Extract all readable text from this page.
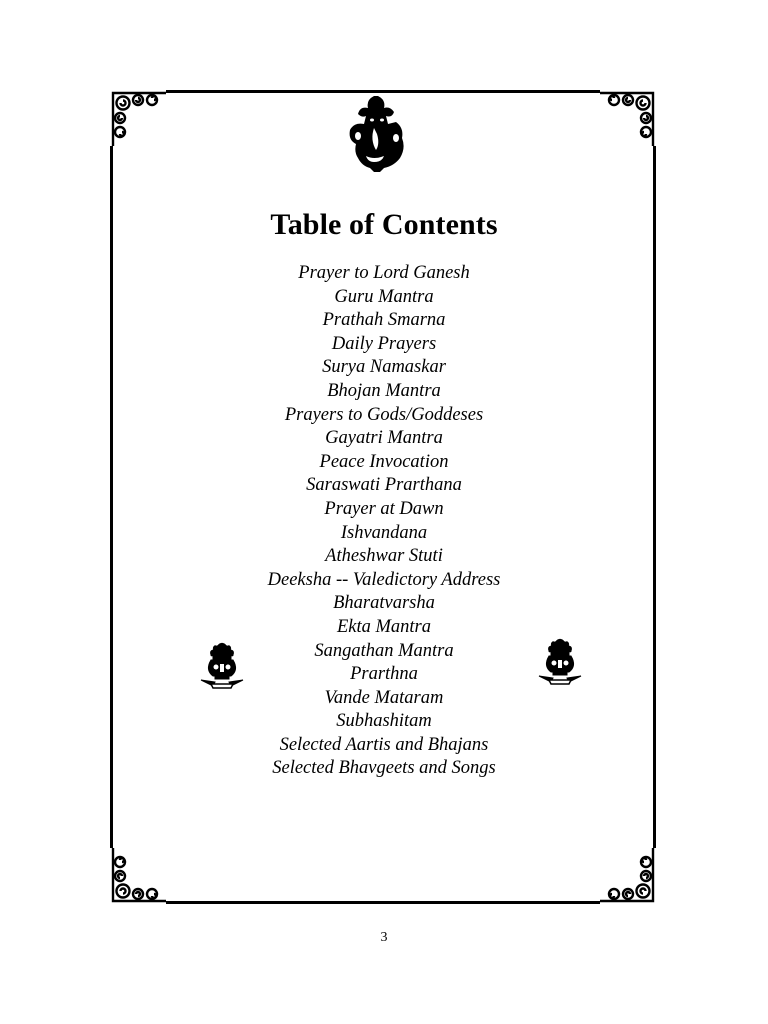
Table of Contents
Prayer to Lord Ganesh
Guru Mantra
Prathah Smarna
Daily Prayers
Surya Namaskar
Bhojan Mantra
Prayers to Gods/Goddeses
Gayatri Mantra
Peace Invocation
Saraswati Prarthana
Prayer at Dawn
Ishvandana
Atheshwar Stuti
Deeksha -- Valedictory Address
Bharatvarsha
Ekta Mantra
Sangathan Mantra
Prarthna
Vande Mataram
Subhashitam
Selected Aartis and Bhajans
Selected Bhavgeets and Songs
3
